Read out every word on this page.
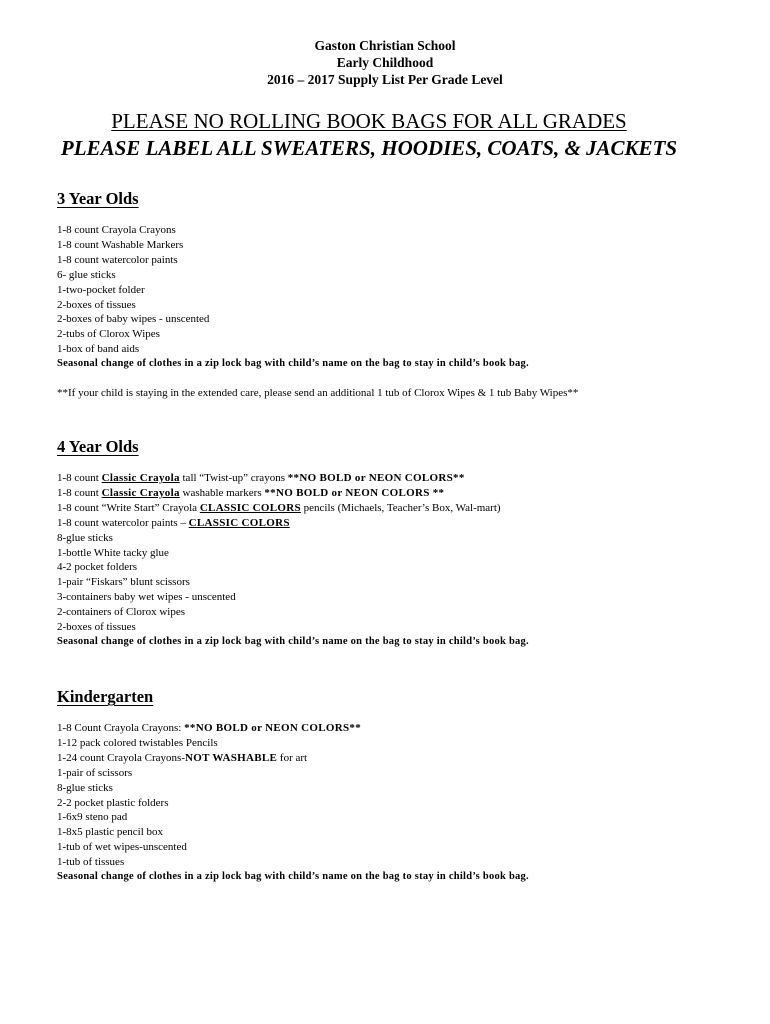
Gaston Christian School
Early Childhood
2016 – 2017 Supply List Per Grade Level
PLEASE NO ROLLING BOOK BAGS FOR ALL GRADES
PLEASE LABEL ALL SWEATERS, HOODIES, COATS, & JACKETS
3 Year Olds
1-8 count Crayola Crayons
1-8 count Washable Markers
1-8 count watercolor paints
6- glue sticks
1-two-pocket folder
2-boxes of tissues
2-boxes of baby wipes - unscented
2-tubs of Clorox Wipes
1-box of band aids
Seasonal change of clothes in a zip lock bag with child’s name on the bag to stay in child’s book bag.
**If your child is staying in the extended care, please send an additional 1 tub of Clorox Wipes & 1 tub Baby Wipes**
4 Year Olds
1-8 count Classic Crayola tall “Twist-up” crayons **NO BOLD or NEON COLORS**
1-8 count Classic Crayola washable markers **NO BOLD or NEON COLORS **
1-8 count “Write Start” Crayola CLASSIC COLORS pencils (Michaels, Teacher’s Box, Wal-mart)
1-8 count watercolor paints – CLASSIC COLORS
8-glue sticks
1-bottle White tacky glue
4-2 pocket folders
1-pair “Fiskars” blunt scissors
3-containers baby wet wipes - unscented
2-containers of Clorox wipes
2-boxes of tissues
Seasonal change of clothes in a zip lock bag with child’s name on the bag to stay in child’s book bag.
Kindergarten
1-8 Count Crayola Crayons: **NO BOLD or NEON COLORS**
1-12 pack colored twistables Pencils
1-24 count Crayola Crayons-NOT WASHABLE for art
1-pair of scissors
8-glue sticks
2-2 pocket plastic folders
1-6x9 steno pad
1-8x5 plastic pencil box
1-tub of wet wipes-unscented
1-tub of tissues
Seasonal change of clothes in a zip lock bag with child’s name on the bag to stay in child’s book bag.
